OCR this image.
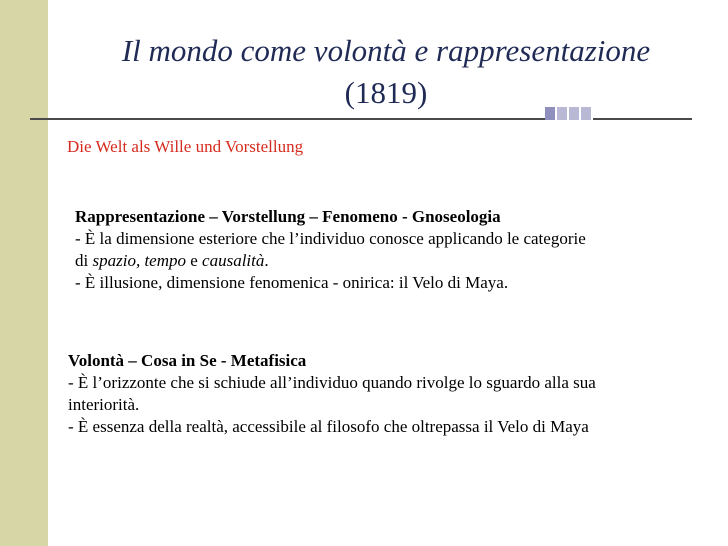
Il mondo come volontà e rappresentazione
(1819)
Die Welt als Wille und Vorstellung
Rappresentazione – Vorstellung – Fenomeno - Gnoseologia
- È la dimensione esteriore che l’individuo conosce applicando le categorie
di spazio, tempo e causalità.
- È illusione, dimensione fenomenica - onirica: il Velo di Maya.
Volontà – Cosa in Se - Metafisica
- È l’orizzonte che si schiude all’individuo quando rivolge lo sguardo alla sua
interiorità.
- È essenza della realtà, accessibile al filosofo che oltrepassa il Velo di Maya
